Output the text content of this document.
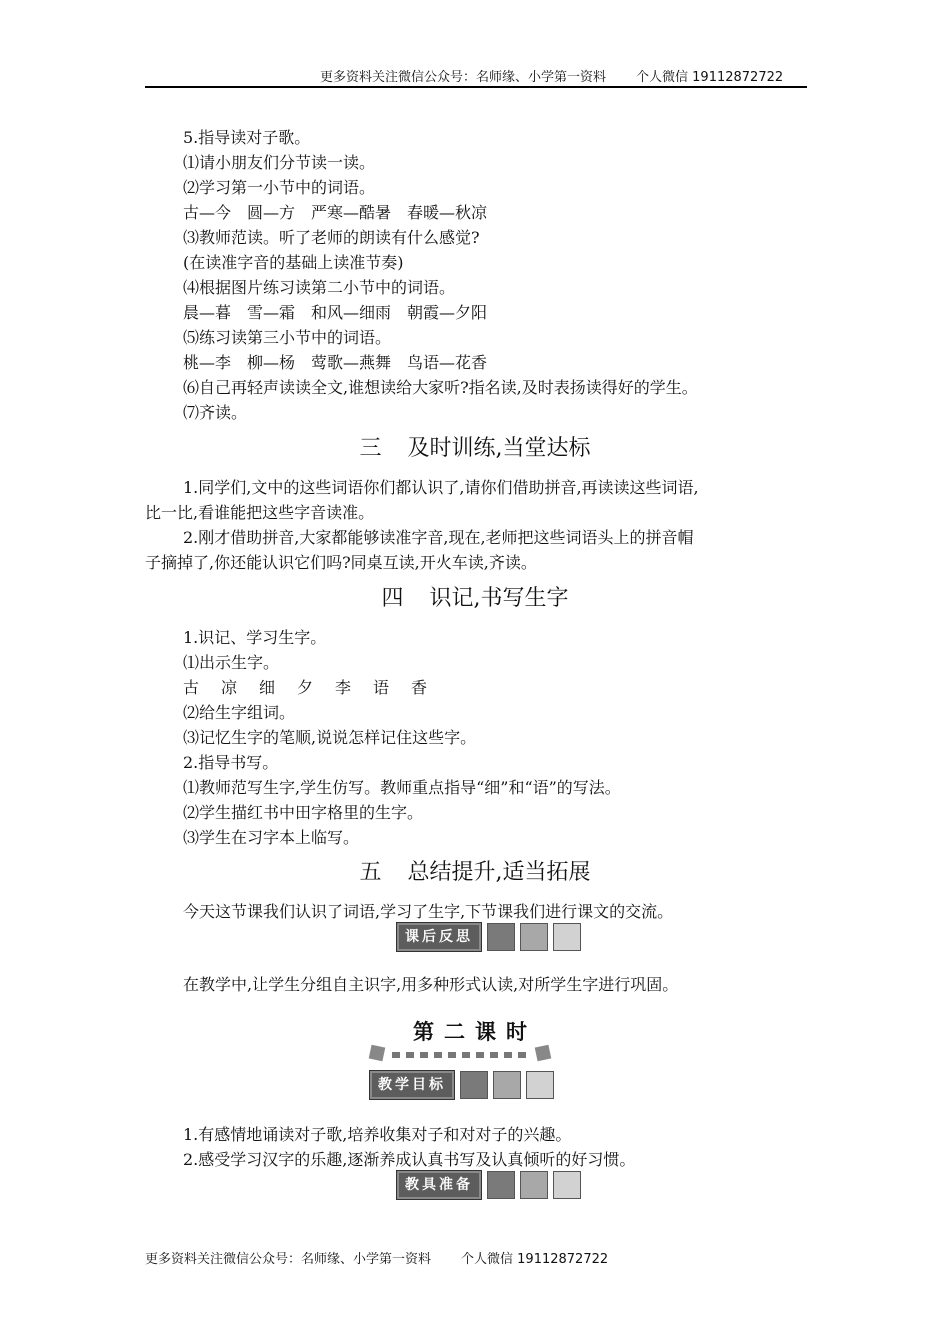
更多资料关注微信公众号：名师缘、小学第一资料 个人微信 19112872722
5.指导读对子歌。
⑴请小朋友们分节读一读。
⑵学习第一小节中的词语。
古—今　圆—方　严寒—酷暑　春暖—秋凉
⑶教师范读。听了老师的朗读有什么感觉?
(在读准字音的基础上读准节奏)
⑷根据图片练习读第二小节中的词语。
晨—暮　雪—霜　和风—细雨　朝霞—夕阳
⑸练习读第三小节中的词语。
桃—李　柳—杨　莺歌—燕舞　鸟语—花香
⑹自己再轻声读读全文,谁想读给大家听?指名读,及时表扬读得好的学生。
⑺齐读。
三 及时训练,当堂达标
1.同学们,文中的这些词语你们都认识了,请你们借助拼音,再读读这些词语,
比一比,看谁能把这些字音读准。
2.刚才借助拼音,大家都能够读准字音,现在,老师把这些词语头上的拼音帽
子摘掉了,你还能认识它们吗?同桌互读,开火车读,齐读。
四 识记,书写生字
1.识记、学习生字。
⑴出示生字。
古 凉 细 夕 李 语 香
⑵给生字组词。
⑶记忆生字的笔顺,说说怎样记住这些字。
2.指导书写。
⑴教师范写生字,学生仿写。教师重点指导“细”和“语”的写法。
⑵学生描红书中田字格里的生字。
⑶学生在习字本上临写。
五 总结提升,适当拓展
今天这节课我们认识了词语,学习了生字,下节课我们进行课文的交流。
课后反思
在教学中,让学生分组自主识字,用多种形式认读,对所学生字进行巩固。
第二课时
教学目标
1.有感情地诵读对子歌,培养收集对子和对对子的兴趣。
2.感受学习汉字的乐趣,逐渐养成认真书写及认真倾听的好习惯。
教具准备
更多资料关注微信公众号：名师缘、小学第一资料 个人微信 19112872722
